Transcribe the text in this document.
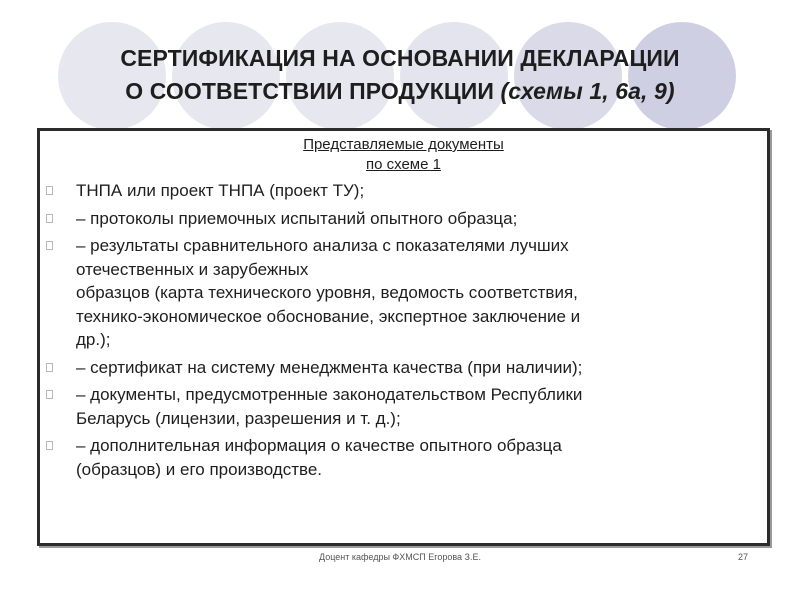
СЕРТИФИКАЦИЯ НА ОСНОВАНИИ ДЕКЛАРАЦИИ
О СООТВЕТСТВИИ ПРОДУКЦИИ (схемы 1, 6а, 9)
Представляемые документы
по схеме 1
ТНПА или проект ТНПА (проект ТУ);
– протоколы приемочных испытаний опытного образца;
– результаты сравнительного анализа с показателями лучших
отечественных и зарубежных
образцов (карта технического уровня, ведомость соответствия,
технико-экономическое обоснование, экспертное заключение и
др.);
– сертификат на систему менеджмента качества (при наличии);
– документы, предусмотренные законодательством Республики
Беларусь (лицензии, разрешения и т. д.);
– дополнительная информация о качестве опытного образца
(образцов) и его производстве.
Доцент кафедры ФХМСП Егорова З.Е.	27
